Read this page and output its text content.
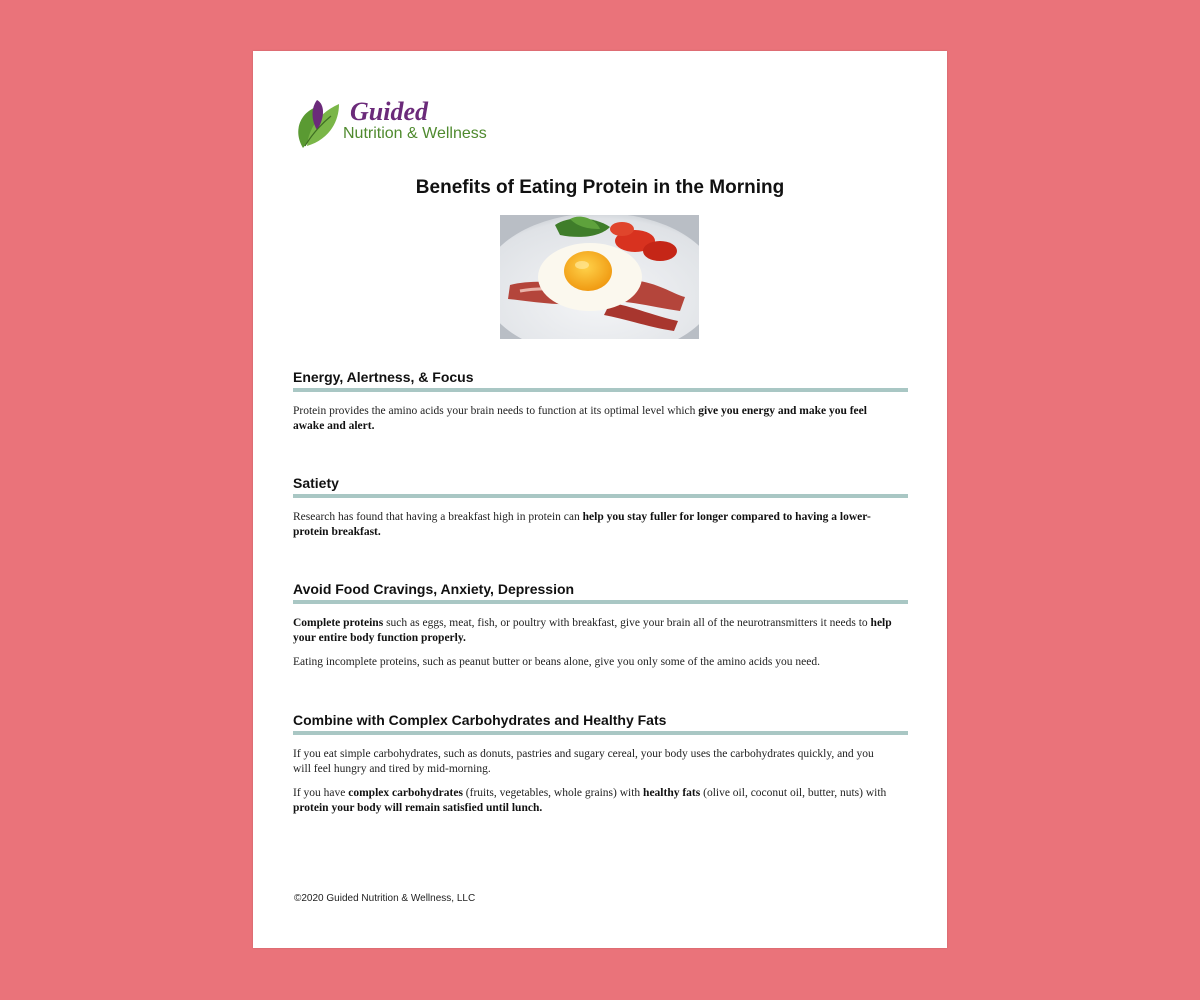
Guided
Nutrition & Wellness
Benefits of Eating Protein in the Morning
Energy, Alertness, & Focus

Protein provides the amino acids your brain needs to function at its optimal level which give you energy and make you feel awake and alert.

Satiety

Research has found that having a breakfast high in protein can help you stay fuller for longer compared to having a lower-protein breakfast.

Avoid Food Cravings, Anxiety, Depression

Complete proteins such as eggs, meat, fish, or poultry with breakfast, give your brain all of the neurotransmitters it needs to help your entire body function properly.

Eating incomplete proteins, such as peanut butter or beans alone, give you only some of the amino acids you need.

Combine with Complex Carbohydrates and Healthy Fats

If you eat simple carbohydrates, such as donuts, pastries and sugary cereal, your body uses the carbohydrates quickly, and you will feel hungry and tired by mid-morning.

If you have complex carbohydrates (fruits, vegetables, whole grains) with healthy fats (olive oil, coconut oil, butter, nuts) with protein your body will remain satisfied until lunch.

©2020 Guided Nutrition & Wellness, LLC
